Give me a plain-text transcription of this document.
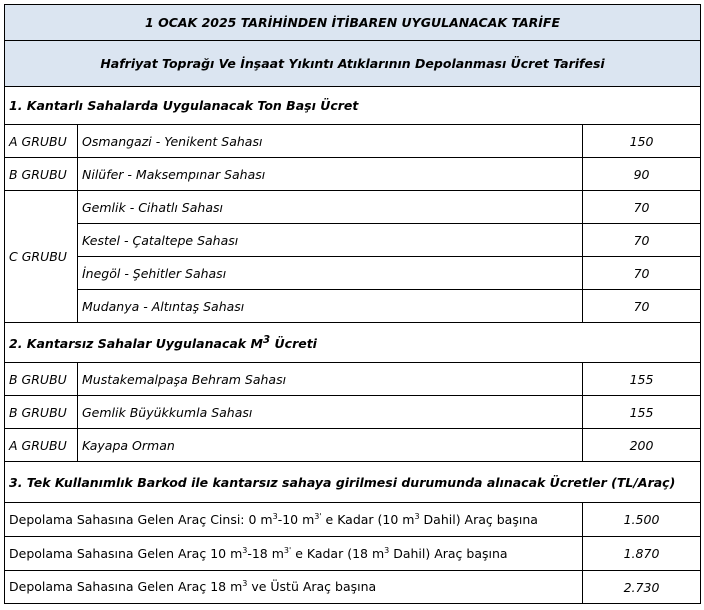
1 OCAK 2025 TARİHİNDEN İTİBAREN UYGULANACAK TARİFE		
Hafriyat Toprağı Ve İnşaat Yıkıntı Atıklarının Depolanması Ücret Tarifesi		
1. Kantarlı Sahalarda Uygulanacak Ton Başı Ücret		
A GRUBU	Osmangazi - Yenikent Sahası	150
B GRUBU	Nilüfer - Maksempınar Sahası	90
C GRUBU	Gemlik - Cihatlı Sahası	70
	Kestel - Çataltepe Sahası	70
	İnegöl - Şehitler Sahası	70
	Mudanya - Altıntaş Sahası	70
2. Kantarsız Sahalar Uygulanacak $M^3$ Ücreti		
B GRUBU	Mustakemalpaşa Behram Sahası	155
B GRUBU	Gemlik Büyükkumla Sahası	155
A GRUBU	Kayapa Orman	200
3. Tek Kullanımlık Barkod ile kantarsız sahaya girilmesi durumunda alınacak Ücretler (TL/Araç)		
Depolama Sahasına Gelen Araç Cinsi: 0 $m^3-10$ $m^{3'}$ e Kadar (10 $m^3$ Dahil) Araç başına		1.500
Depolama Sahasına Gelen Araç 10 $m^3-18$ $m^{3'}$ e Kadar (18 $m^3$ Dahil) Araç başına		1.870
Depolama Sahasına Gelen Araç 18 $m^3$ ve Üstü Araç başına		2.730
